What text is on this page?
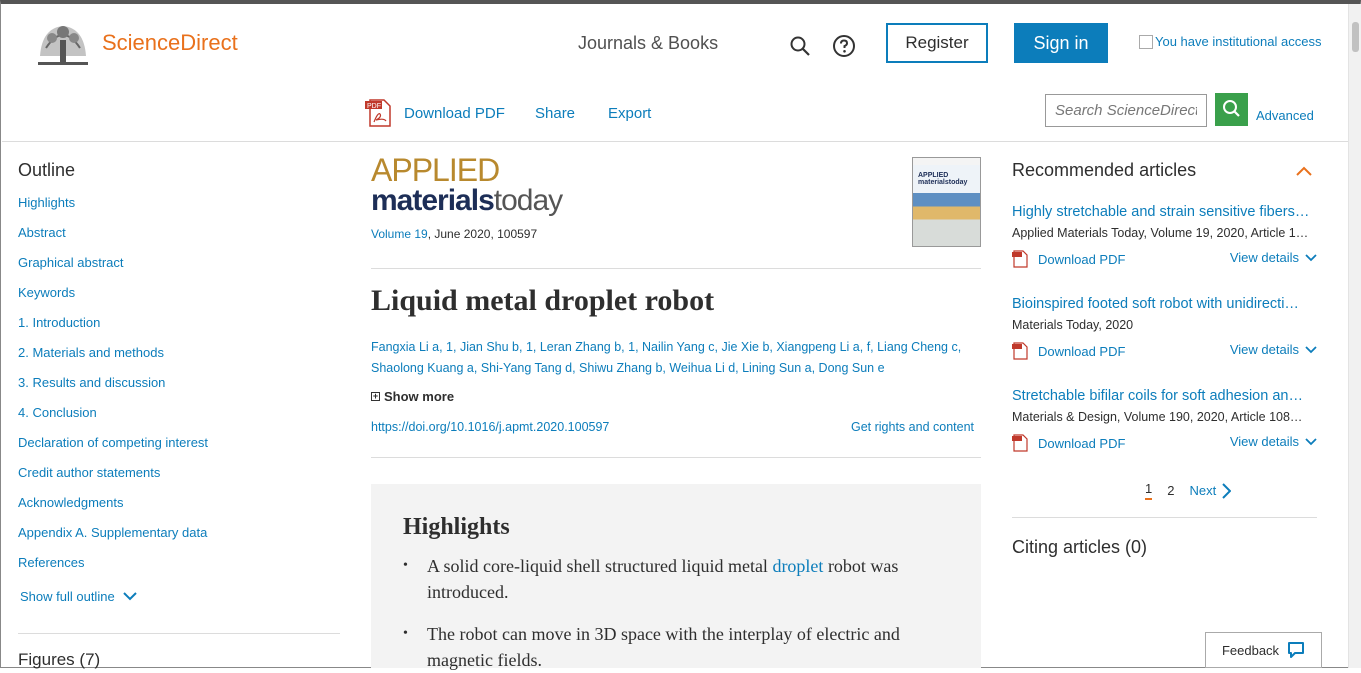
ScienceDirect	Journals & Books	Register	Sign in	You have institutional access
PDF Download PDF Share Export
Search ScienceDirect	Advanced
Outline
Highlights
Abstract
Graphical abstract
Keywords
1. Introduction
2. Materials and methods
3. Results and discussion
4. Conclusion
Declaration of competing interest
Credit author statements
Acknowledgments
Appendix A. Supplementary data
References
Show full outline
Figures (7)
APPLIED
materialstoday
Volume 19, June 2020, 100597
APPLIED materialstoday
Liquid metal droplet robot
Fangxia Li a, 1, Jian Shu b, 1, Leran Zhang b, 1, Nailin Yang c, Jie Xie b, Xiangpeng Li a, f, Liang Cheng c,
Shaolong Kuang a, Shi-Yang Tang d, Shiwu Zhang b, Weihua Li d, Lining Sun a, Dong Sun e
+ Show more
https://doi.org/10.1016/j.apmt.2020.100597	Get rights and content
Highlights
• A solid core-liquid shell structured liquid metal droplet robot was introduced.
• The robot can move in 3D space with the interplay of electric and magnetic fields.
Recommended articles
Highly stretchable and strain sensitive fibers…
Applied Materials Today, Volume 19, 2020, Article 1…
Download PDF	View details
Bioinspired footed soft robot with unidirecti…
Materials Today, 2020
Download PDF	View details
Stretchable bifilar coils for soft adhesion an…
Materials & Design, Volume 190, 2020, Article 108…
Download PDF	View details
1 2 Next
Citing articles (0)
Feedback
